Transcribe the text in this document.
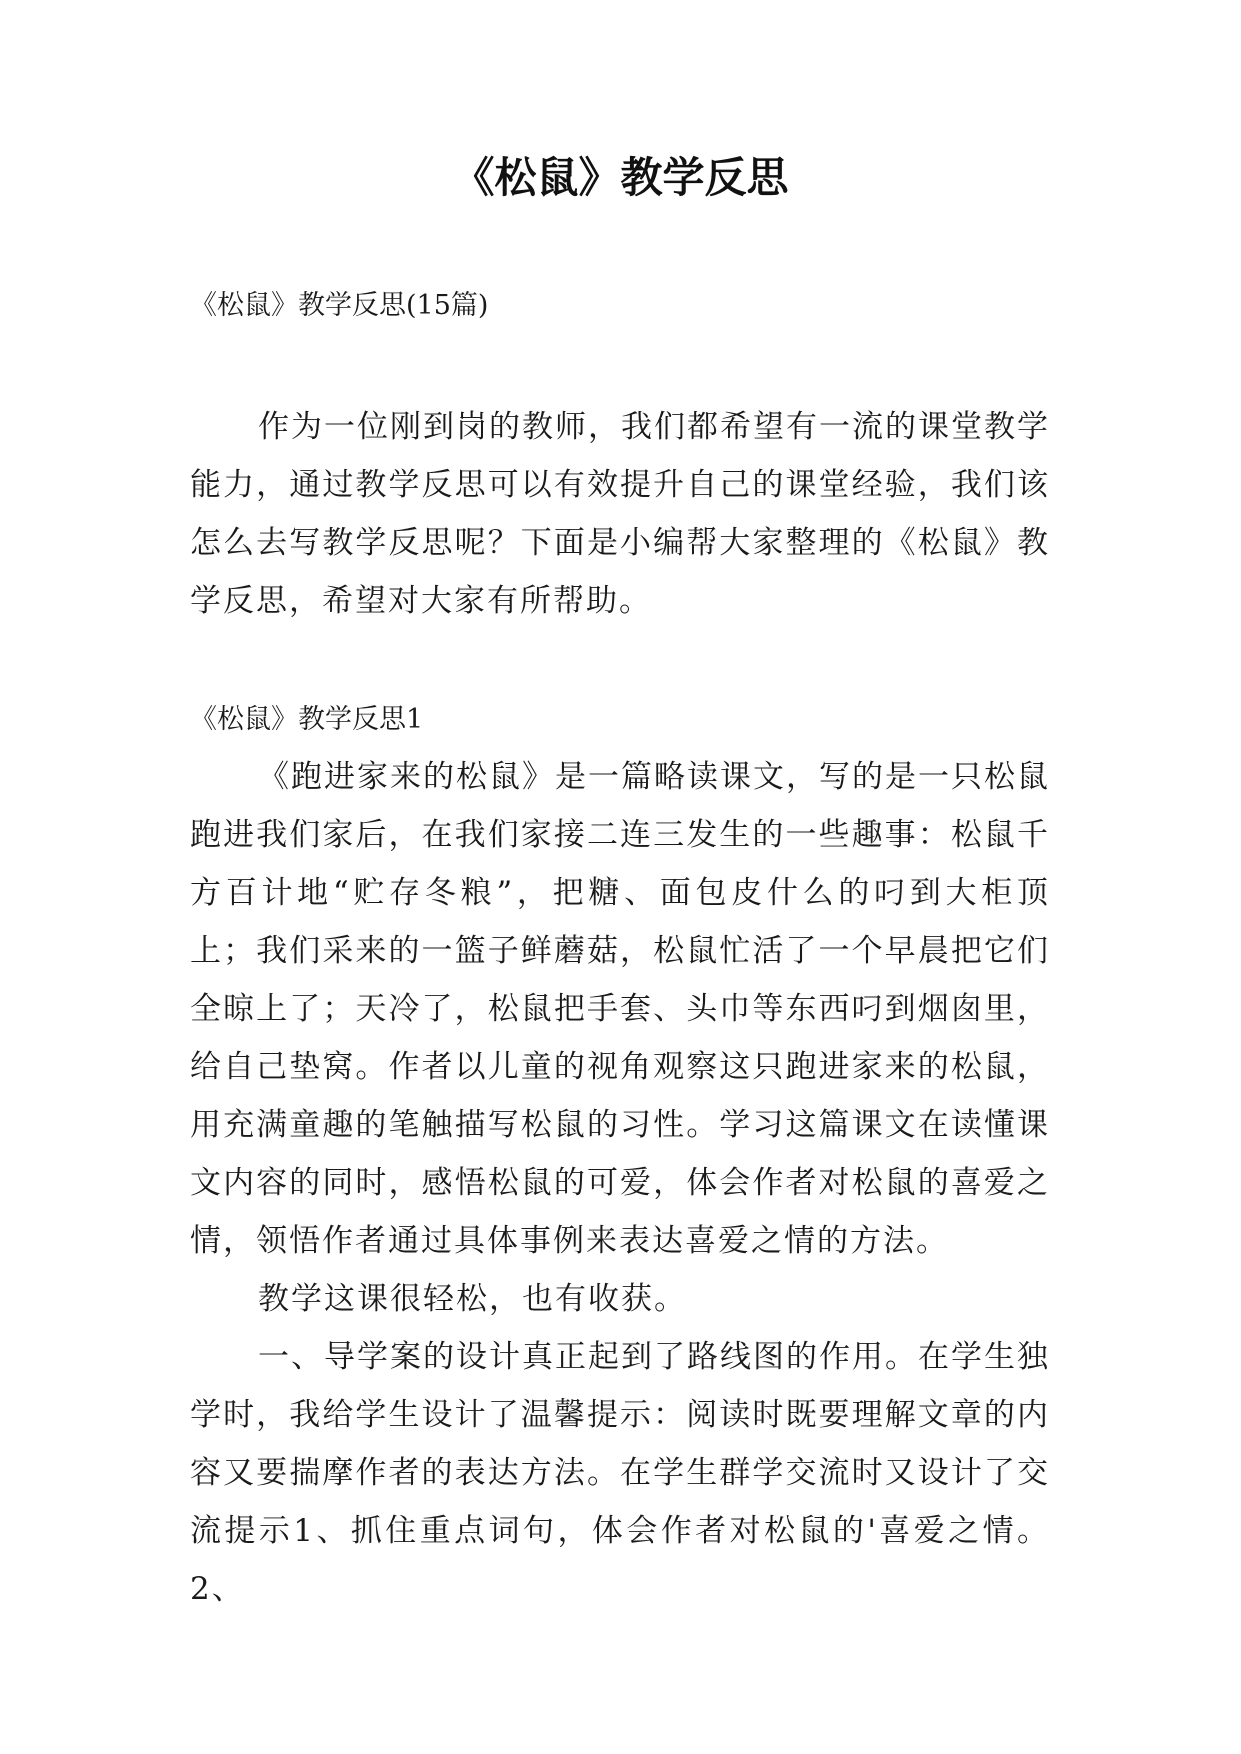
《松鼠》教学反思

《松鼠》教学反思(15篇)

作为一位刚到岗的教师，我们都希望有一流的课堂教学能力，通过教学反思可以有效提升自己的课堂经验，我们该怎么去写教学反思呢？下面是小编帮大家整理的《松鼠》教学反思，希望对大家有所帮助。

《松鼠》教学反思1

《跑进家来的松鼠》是一篇略读课文，写的是一只松鼠跑进我们家后，在我们家接二连三发生的一些趣事：松鼠千方百计地“贮存冬粮”，把糖、面包皮什么的叼到大柜顶上；我们采来的一篮子鲜蘑菇，松鼠忙活了一个早晨把它们全晾上了；天冷了，松鼠把手套、头巾等东西叼到烟囱里，给自己垫窝。作者以儿童的视角观察这只跑进家来的松鼠，用充满童趣的笔触描写松鼠的习性。学习这篇课文在读懂课文内容的同时，感悟松鼠的可爱，体会作者对松鼠的喜爱之情，领悟作者通过具体事例来表达喜爱之情的方法。

教学这课很轻松，也有收获。

一、导学案的设计真正起到了路线图的作用。在学生独学时，我给学生设计了温馨提示：阅读时既要理解文章的内容又要揣摩作者的表达方法。在学生群学交流时又设计了交流提示1、抓住重点词句，体会作者对松鼠的'喜爱之情。2、
